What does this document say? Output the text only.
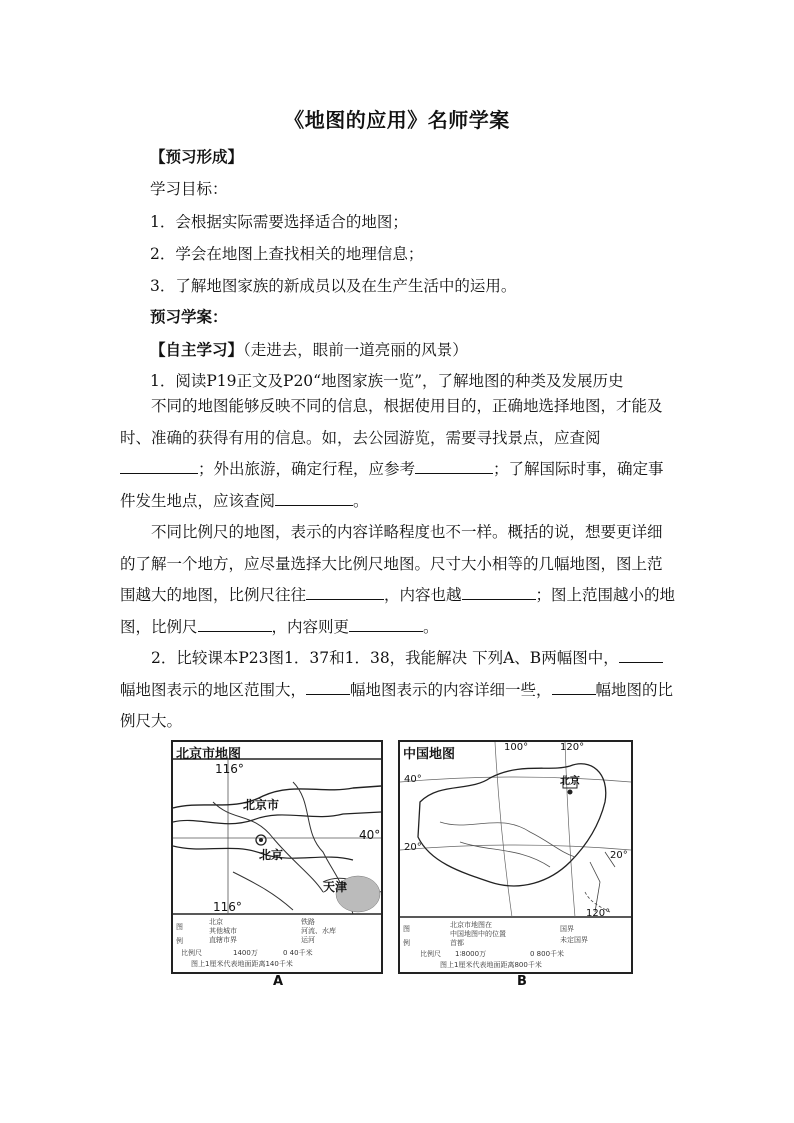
《地图的应用》名师学案
【预习形成】
学习目标：
1．会根据实际需要选择适合的地图；
2．学会在地图上查找相关的地理信息；
3．了解地图家族的新成员以及在生产生活中的运用。
预习学案：
【自主学习】（走进去，眼前一道亮丽的风景）
1．阅读P19正文及P20“地图家族一览”，了解地图的种类及发展历史
不同的地图能够反映不同的信息，根据使用目的，正确地选择地图，才能及时、准确的获得有用的信息。如，去公园游览，需要寻找景点，应查阅；外出旅游，确定行程，应参考	；了解国际时事，确定事件发生地点，应该查阅	。
不同比例尺的地图，表示的内容详略程度也不一样。概括的说，想要更详细的了解一个地方，应尽量选择大比例尺地图。尺寸大小相等的几幅地图，图上范围越大的地图，比例尺往往	，内容也越	；图上范围越小的地图，比例尺	，内容则更	。
2．比较课本P23图1．37和1．38，我能解决 下列A、B两幅图中，幅地图表示的地区范围大，	幅地图表示的内容详细一些，	幅地图的比例尺大。
北京市地图
116°
40°
北京市
北京
天津
116°
图
例
北京
其他城市
直辖市界
铁路
河流、水库
运河
比例尺	1400万	0 40千米
图上1厘米代表地面距离140千米
A
中国地图	100°	120°
40°
20°
20°
120°
北京
图
例
北京市地图在
中国地图中的位置
首都
国界
未定国界
比例尺 1∶8000万	0 800千米
图上1厘米代表地面距离800千米
B
